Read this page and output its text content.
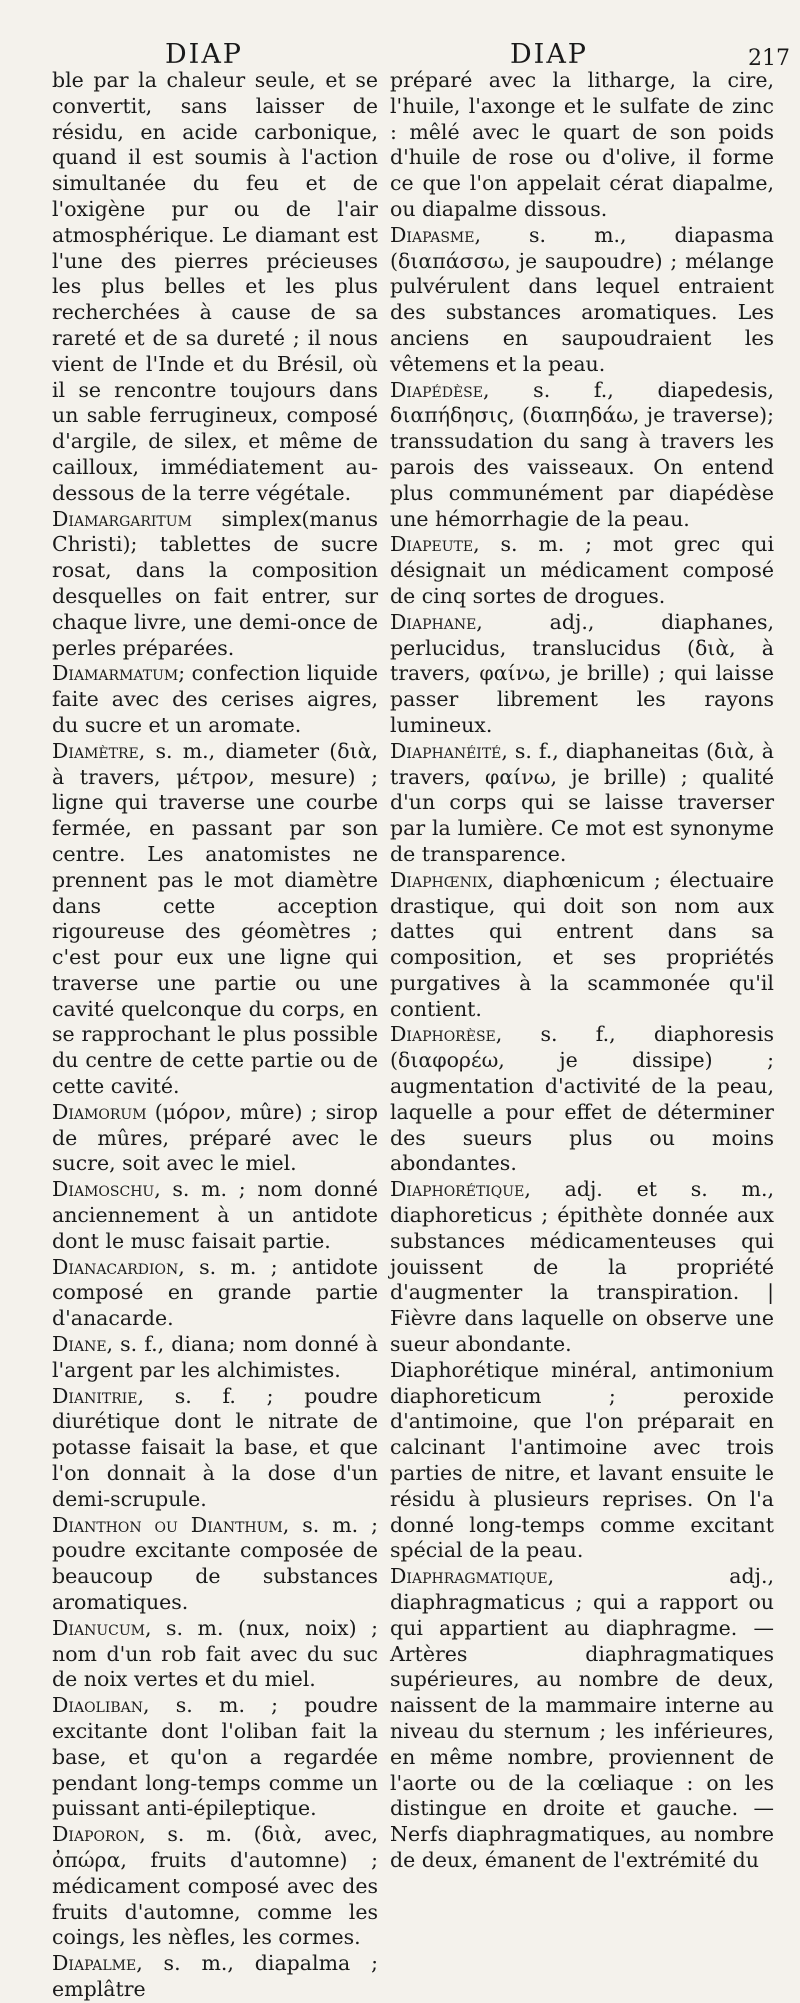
DIAP	DIAP	217

ble par la chaleur seule, et se convertit, sans laisser de résidu, en acide carbonique, quand il est soumis à l'action simultanée du feu et de l'oxigène pur ou de l'air atmosphérique. Le diamant est l'une des pierres précieuses les plus belles et les plus recherchées à cause de sa rareté et de sa dureté ; il nous vient de l'Inde et du Brésil, où il se rencontre toujours dans un sable ferrugineux, composé d'argile, de silex, et même de cailloux, immédiatement au-dessous de la terre végétale.

Diamargaritum simplex(manus Christi); tablettes de sucre rosat, dans la composition desquelles on fait entrer, sur chaque livre, une demi-once de perles préparées.

Diamarmatum; confection liquide faite avec des cerises aigres, du sucre et un aromate.

Diamètre, s. m., diameter (διὰ, à travers, μέτρον, mesure) ; ligne qui traverse une courbe fermée, en passant par son centre. Les anatomistes ne prennent pas le mot diamètre dans cette acception rigoureuse des géomètres ; c'est pour eux une ligne qui traverse une partie ou une cavité quelconque du corps, en se rapprochant le plus possible du centre de cette partie ou de cette cavité.

Diamorum (μόρον, mûre) ; sirop de mûres, préparé avec le sucre, soit avec le miel.

Diamoschu, s. m. ; nom donné anciennement à un antidote dont le musc faisait partie.

Dianacardion, s. m. ; antidote composé en grande partie d'anacarde.

Diane, s. f., diana; nom donné à l'argent par les alchimistes.

Dianitrie, s. f. ; poudre diurétique dont le nitrate de potasse faisait la base, et que l'on donnait à la dose d'un demi-scrupule.

Dianthon ou Dianthum, s. m. ; poudre excitante composée de beaucoup de substances aromatiques.

Dianucum, s. m. (nux, noix) ; nom d'un rob fait avec du suc de noix vertes et du miel.

Diaoliban, s. m. ; poudre excitante dont l'oliban fait la base, et qu'on a regardée pendant long-temps comme un puissant anti-épileptique.

Diaporon, s. m. (διὰ, avec, ὀπώρα, fruits d'automne) ; médicament composé avec des fruits d'automne, comme les coings, les nèfles, les cormes.

Diapalme, s. m., diapalma ; emplâtre

préparé avec la litharge, la cire, l'huile, l'axonge et le sulfate de zinc : mêlé avec le quart de son poids d'huile de rose ou d'olive, il forme ce que l'on appelait cérat diapalme, ou diapalme dissous.

Diapasme, s. m., diapasma (διαπάσσω, je saupoudre) ; mélange pulvérulent dans lequel entraient des substances aromatiques. Les anciens en saupoudraient les vêtemens et la peau.

Diapédèse, s. f., diapedesis, διαπήδησις, (διαπηδάω, je traverse); transsudation du sang à travers les parois des vaisseaux. On entend plus communément par diapédèse une hémorrhagie de la peau.

Diapeute, s. m. ; mot grec qui désignait un médicament composé de cinq sortes de drogues.

Diaphane, adj., diaphanes, perlucidus, translucidus (διὰ, à travers, φαίνω, je brille) ; qui laisse passer librement les rayons lumineux.

Diaphanéité, s. f., diaphaneitas (διὰ, à travers, φαίνω, je brille) ; qualité d'un corps qui se laisse traverser par la lumière. Ce mot est synonyme de transparence.

Diaphœnix, diaphœnicum ; électuaire drastique, qui doit son nom aux dattes qui entrent dans sa composition, et ses propriétés purgatives à la scammonée qu'il contient.

Diaphorèse, s. f., diaphoresis (διαφορέω, je dissipe) ; augmentation d'activité de la peau, laquelle a pour effet de déterminer des sueurs plus ou moins abondantes.

Diaphorétique, adj. et s. m., diaphoreticus ; épithète donnée aux substances médicamenteuses qui jouissent de la propriété d'augmenter la transpiration. | Fièvre dans laquelle on observe une sueur abondante.

Diaphorétique minéral, antimonium diaphoreticum ; peroxide d'antimoine, que l'on préparait en calcinant l'antimoine avec trois parties de nitre, et lavant ensuite le résidu à plusieurs reprises. On l'a donné long-temps comme excitant spécial de la peau.

Diaphragmatique, adj., diaphragmaticus ; qui a rapport ou qui appartient au diaphragme. — Artères diaphragmatiques supérieures, au nombre de deux, naissent de la mammaire interne au niveau du sternum ; les inférieures, en même nombre, proviennent de l'aorte ou de la cœliaque : on les distingue en droite et gauche. — Nerfs diaphragmatiques, au nombre de deux, émanent de l'extrémité du
